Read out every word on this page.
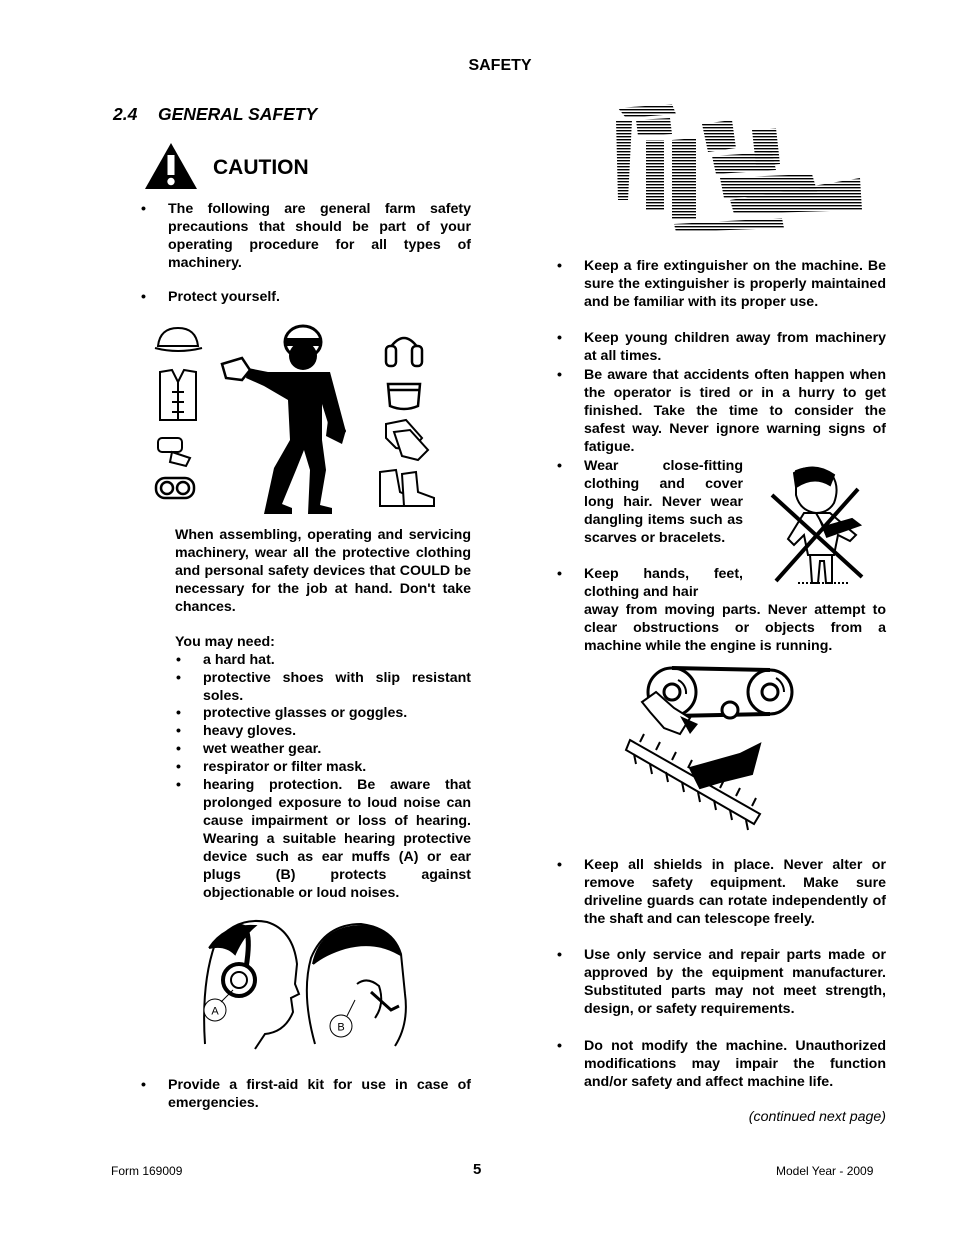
SAFETY
2.4 GENERAL SAFETY
CAUTION
• The following are general farm safety precautions that should be part of your operating procedure for all types of machinery.
• Protect yourself.
When assembling, operating and servicing machinery, wear all the protective clothing and personal safety devices that COULD be necessary for the job at hand. Don't take chances.
You may need:
• a hard hat.
• protective shoes with slip resistant soles.
• protective glasses or goggles.
• heavy gloves.
• wet weather gear.
• respirator or filter mask.
• hearing protection. Be aware that prolonged exposure to loud noise can cause impairment or loss of hearing. Wearing a suitable hearing protective device such as ear muffs (A) or ear plugs (B) protects against objectionable or loud noises.
A
B
• Provide a first-aid kit for use in case of emergencies.
• Keep a fire extinguisher on the machine. Be sure the extinguisher is properly maintained and be familiar with its proper use.
• Keep young children away from machinery at all times.
• Be aware that accidents often happen when the operator is tired or in a hurry to get finished. Take the time to consider the safest way. Never ignore warning signs of fatigue.
• Wear close-fitting clothing and cover long hair. Never wear dangling items such as scarves or bracelets.
• Keep hands, feet, clothing and hair
away from moving parts. Never attempt to clear obstructions or objects from a machine while the engine is running.
• Keep all shields in place. Never alter or remove safety equipment. Make sure driveline guards can rotate independently of the shaft and can telescope freely.
• Use only service and repair parts made or approved by the equipment manufacturer. Substituted parts may not meet strength, design, or safety requirements.
• Do not modify the machine. Unauthorized modifications may impair the function and/or safety and affect machine life.
(continued next page)
Form 169009	5	Model Year - 2009
